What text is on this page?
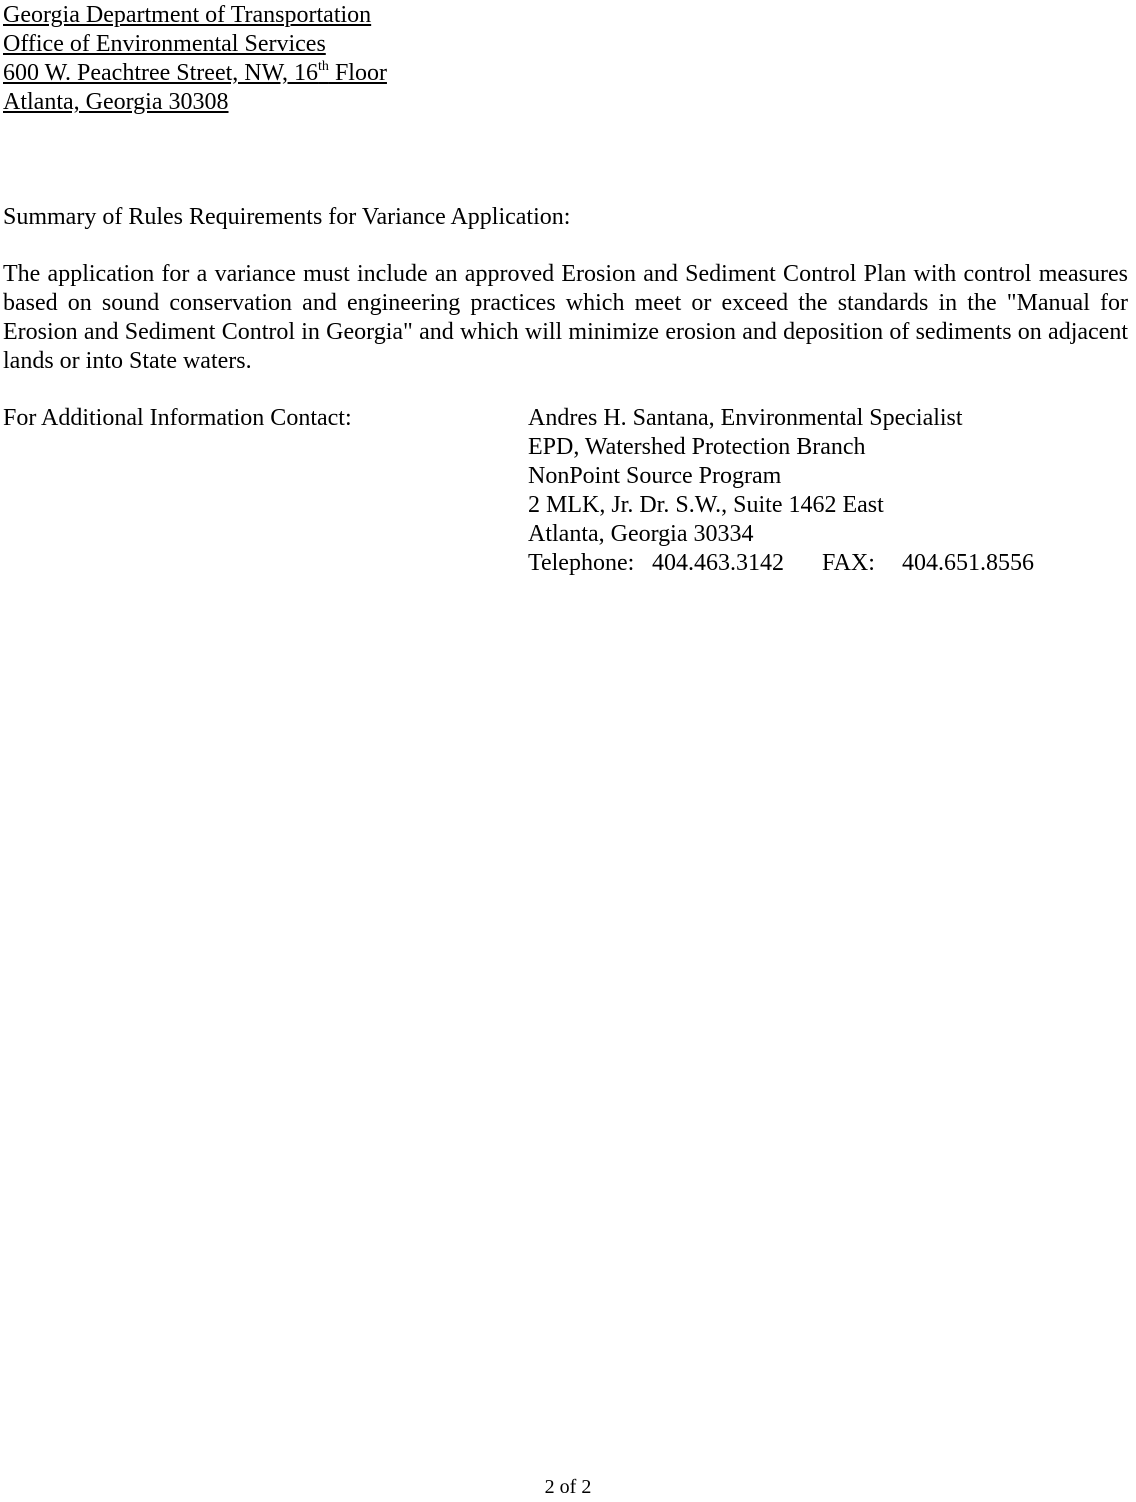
Georgia Department of Transportation
Office of Environmental Services
600 W. Peachtree Street, NW, 16th Floor
Atlanta, Georgia 30308
Summary of Rules Requirements for Variance Application:
The application for a variance must include an approved Erosion and Sediment Control Plan with control measures based on sound conservation and engineering practices which meet or exceed the standards in the "Manual for Erosion and Sediment Control in Georgia" and which will minimize erosion and deposition of sediments on adjacent lands or into State waters.
For Additional Information Contact:	Andres H. Santana, Environmental Specialist
EPD, Watershed Protection Branch
NonPoint Source Program
2 MLK, Jr. Dr. S.W., Suite 1462 East
Atlanta, Georgia 30334
Telephone: 404.463.3142 FAX: 404.651.8556
2 of 2
